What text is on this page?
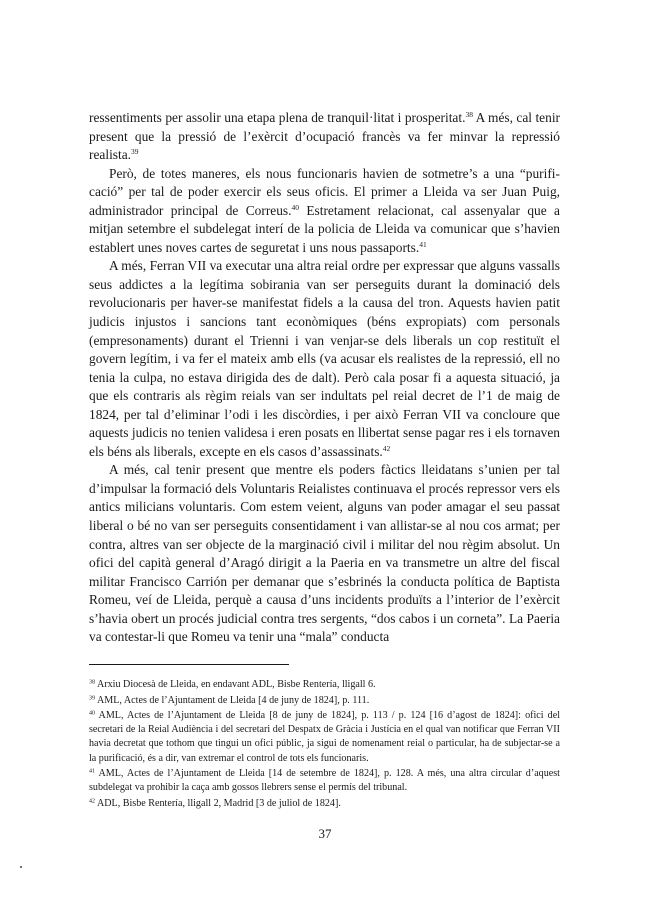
ressentiments per assolir una etapa plena de tranquil·litat i prosperitat.$^{38}$ A més, cal tenir present que la pressió de l’exèrcit d’ocupació francès va fer minvar la repressió realista.$^{39}$

Però, de totes maneres, els nous funcionaris havien de sotmetre’s a una “purificació” per tal de poder exercir els seus oficis. El primer a Lleida va ser Juan Puig, administrador principal de Correus.$^{40}$ Estretament relacionat, cal assenyalar que a mitjan setembre el subdelegat interí de la policia de Lleida va comunicar que s’havien establert unes noves cartes de seguretat i uns nous passaports.$^{41}$

A més, Ferran VII va executar una altra reial ordre per expressar que alguns vassalls seus addictes a la legítima sobirania van ser perseguits durant la dominació dels revolucionaris per haver-se manifestat fidels a la causa del tron. Aquests havien patit judicis injustos i sancions tant econòmiques (béns expropiats) com personals (empresonaments) durant el Trienni i van venjar-se dels liberals un cop restituït el govern legítim, i va fer el mateix amb ells (va acusar els realistes de la repressió, ell no tenia la culpa, no estava dirigida des de dalt). Però cala posar fi a aquesta situació, ja que els contraris als règim reials van ser indultats pel reial decret de l’1 de maig de 1824, per tal d’eliminar l’odi i les discòrdies, i per això Ferran VII va concloure que aquests judicis no tenien validesa i eren posats en llibertat sense pagar res i els tornaven els béns als liberals, excepte en els casos d’assassinats.$^{42}$

A més, cal tenir present que mentre els poders fàctics lleidatans s’unien per tal d’impulsar la formació dels Voluntaris Reialistes continuava el procés repressor vers els antics milicians voluntaris. Com estem veient, alguns van poder amagar el seu passat liberal o bé no van ser perseguits consentidament i van allistar-se al nou cos armat; per contra, altres van ser objecte de la marginació civil i militar del nou règim absolut. Un ofici del capità general d’Aragó dirigit a la Paeria en va transmetre un altre del fiscal militar Francisco Carrión per demanar que s’esbrinés la conducta política de Baptista Romeu, veí de Lleida, perquè a causa d’uns incidents produïts a l’interior de l’exèrcit s’havia obert un procés judicial contra tres sergents, “dos cabos i un corneta”. La Paeria va contestar-li que Romeu va tenir una “mala” conducta

$^{38}$ Arxiu Diocesà de Lleida, en endavant ADL, Bisbe Rentería, lligall 6.

$^{39}$ AML, Actes de l’Ajuntament de Lleida [4 de juny de 1824], p. 111.

$^{40}$ AML, Actes de l’Ajuntament de Lleida [8 de juny de 1824], p. 113 / p. 124 [16 d’agost de 1824]: ofici del secretari de la Reial Audiència i del secretari del Despatx de Gràcia i Justícia en el qual van notificar que Ferran VII havia decretat que tothom que tingui un ofici públic, ja sigui de nomenament reial o particular, ha de subjectar-se a la purificació, és a dir, van extremar el control de tots els funcionaris.

$^{41}$ AML, Actes de l’Ajuntament de Lleida [14 de setembre de 1824], p. 128. A més, una altra circular d’aquest subdelegat va prohibir la caça amb gossos llebrers sense el permís del tribunal.

$^{42}$ ADL, Bisbe Rentería, lligall 2, Madrid [3 de juliol de 1824].

37
